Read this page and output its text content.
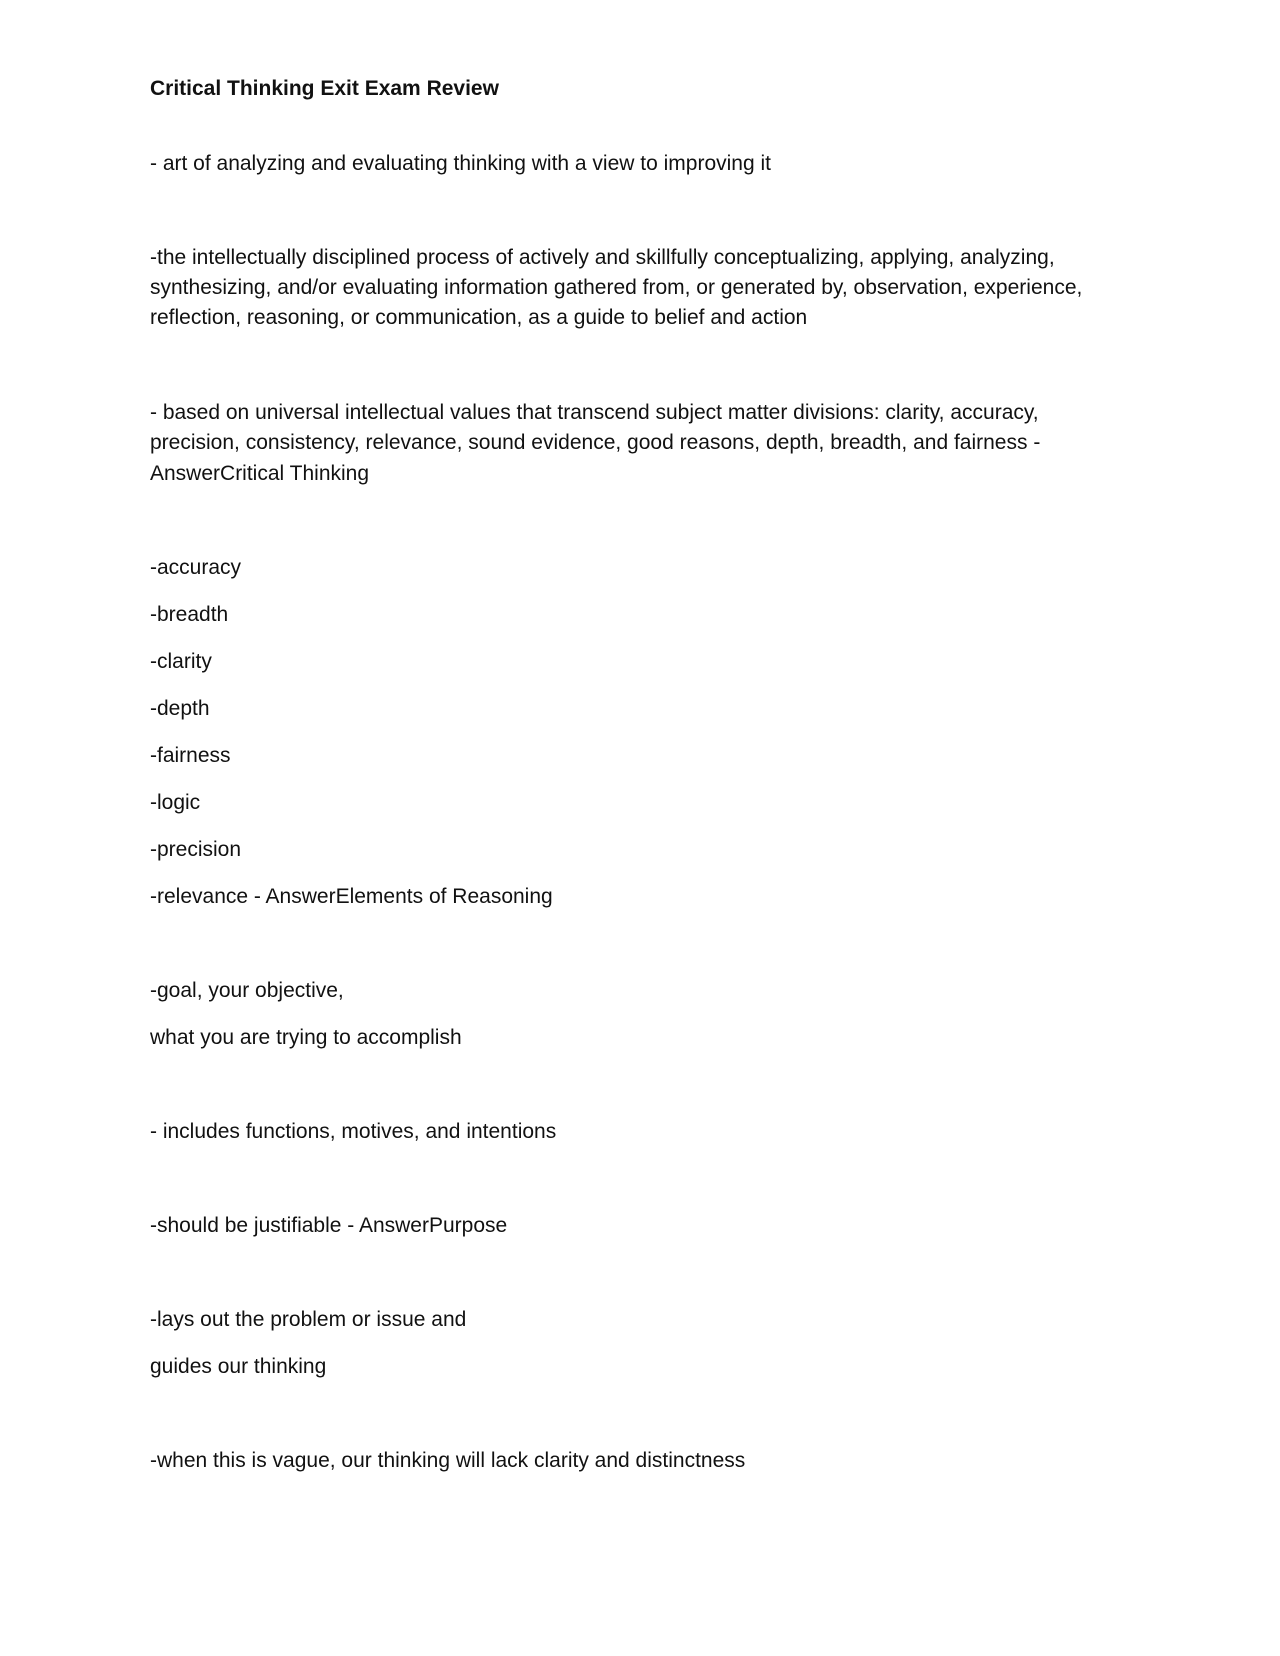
Critical Thinking Exit Exam Review

- art of analyzing and evaluating thinking with a view to improving it

-the intellectually disciplined process of actively and skillfully conceptualizing, applying, analyzing,

synthesizing, and/or evaluating information gathered from, or generated by, observation, experience,

reflection, reasoning, or communication, as a guide to belief and action

- based on universal intellectual values that transcend subject matter divisions: clarity, accuracy,

precision, consistency, relevance, sound evidence, good reasons, depth, breadth, and fairness -

AnswerCritical Thinking

-accuracy

-breadth

-clarity

-depth

-fairness

-logic

-precision

-relevance - AnswerElements of Reasoning

-goal, your objective,

what you are trying to accomplish

- includes functions, motives, and intentions

-should be justifiable - AnswerPurpose

-lays out the problem or issue and

guides our thinking

-when this is vague, our thinking will lack clarity and distinctness
